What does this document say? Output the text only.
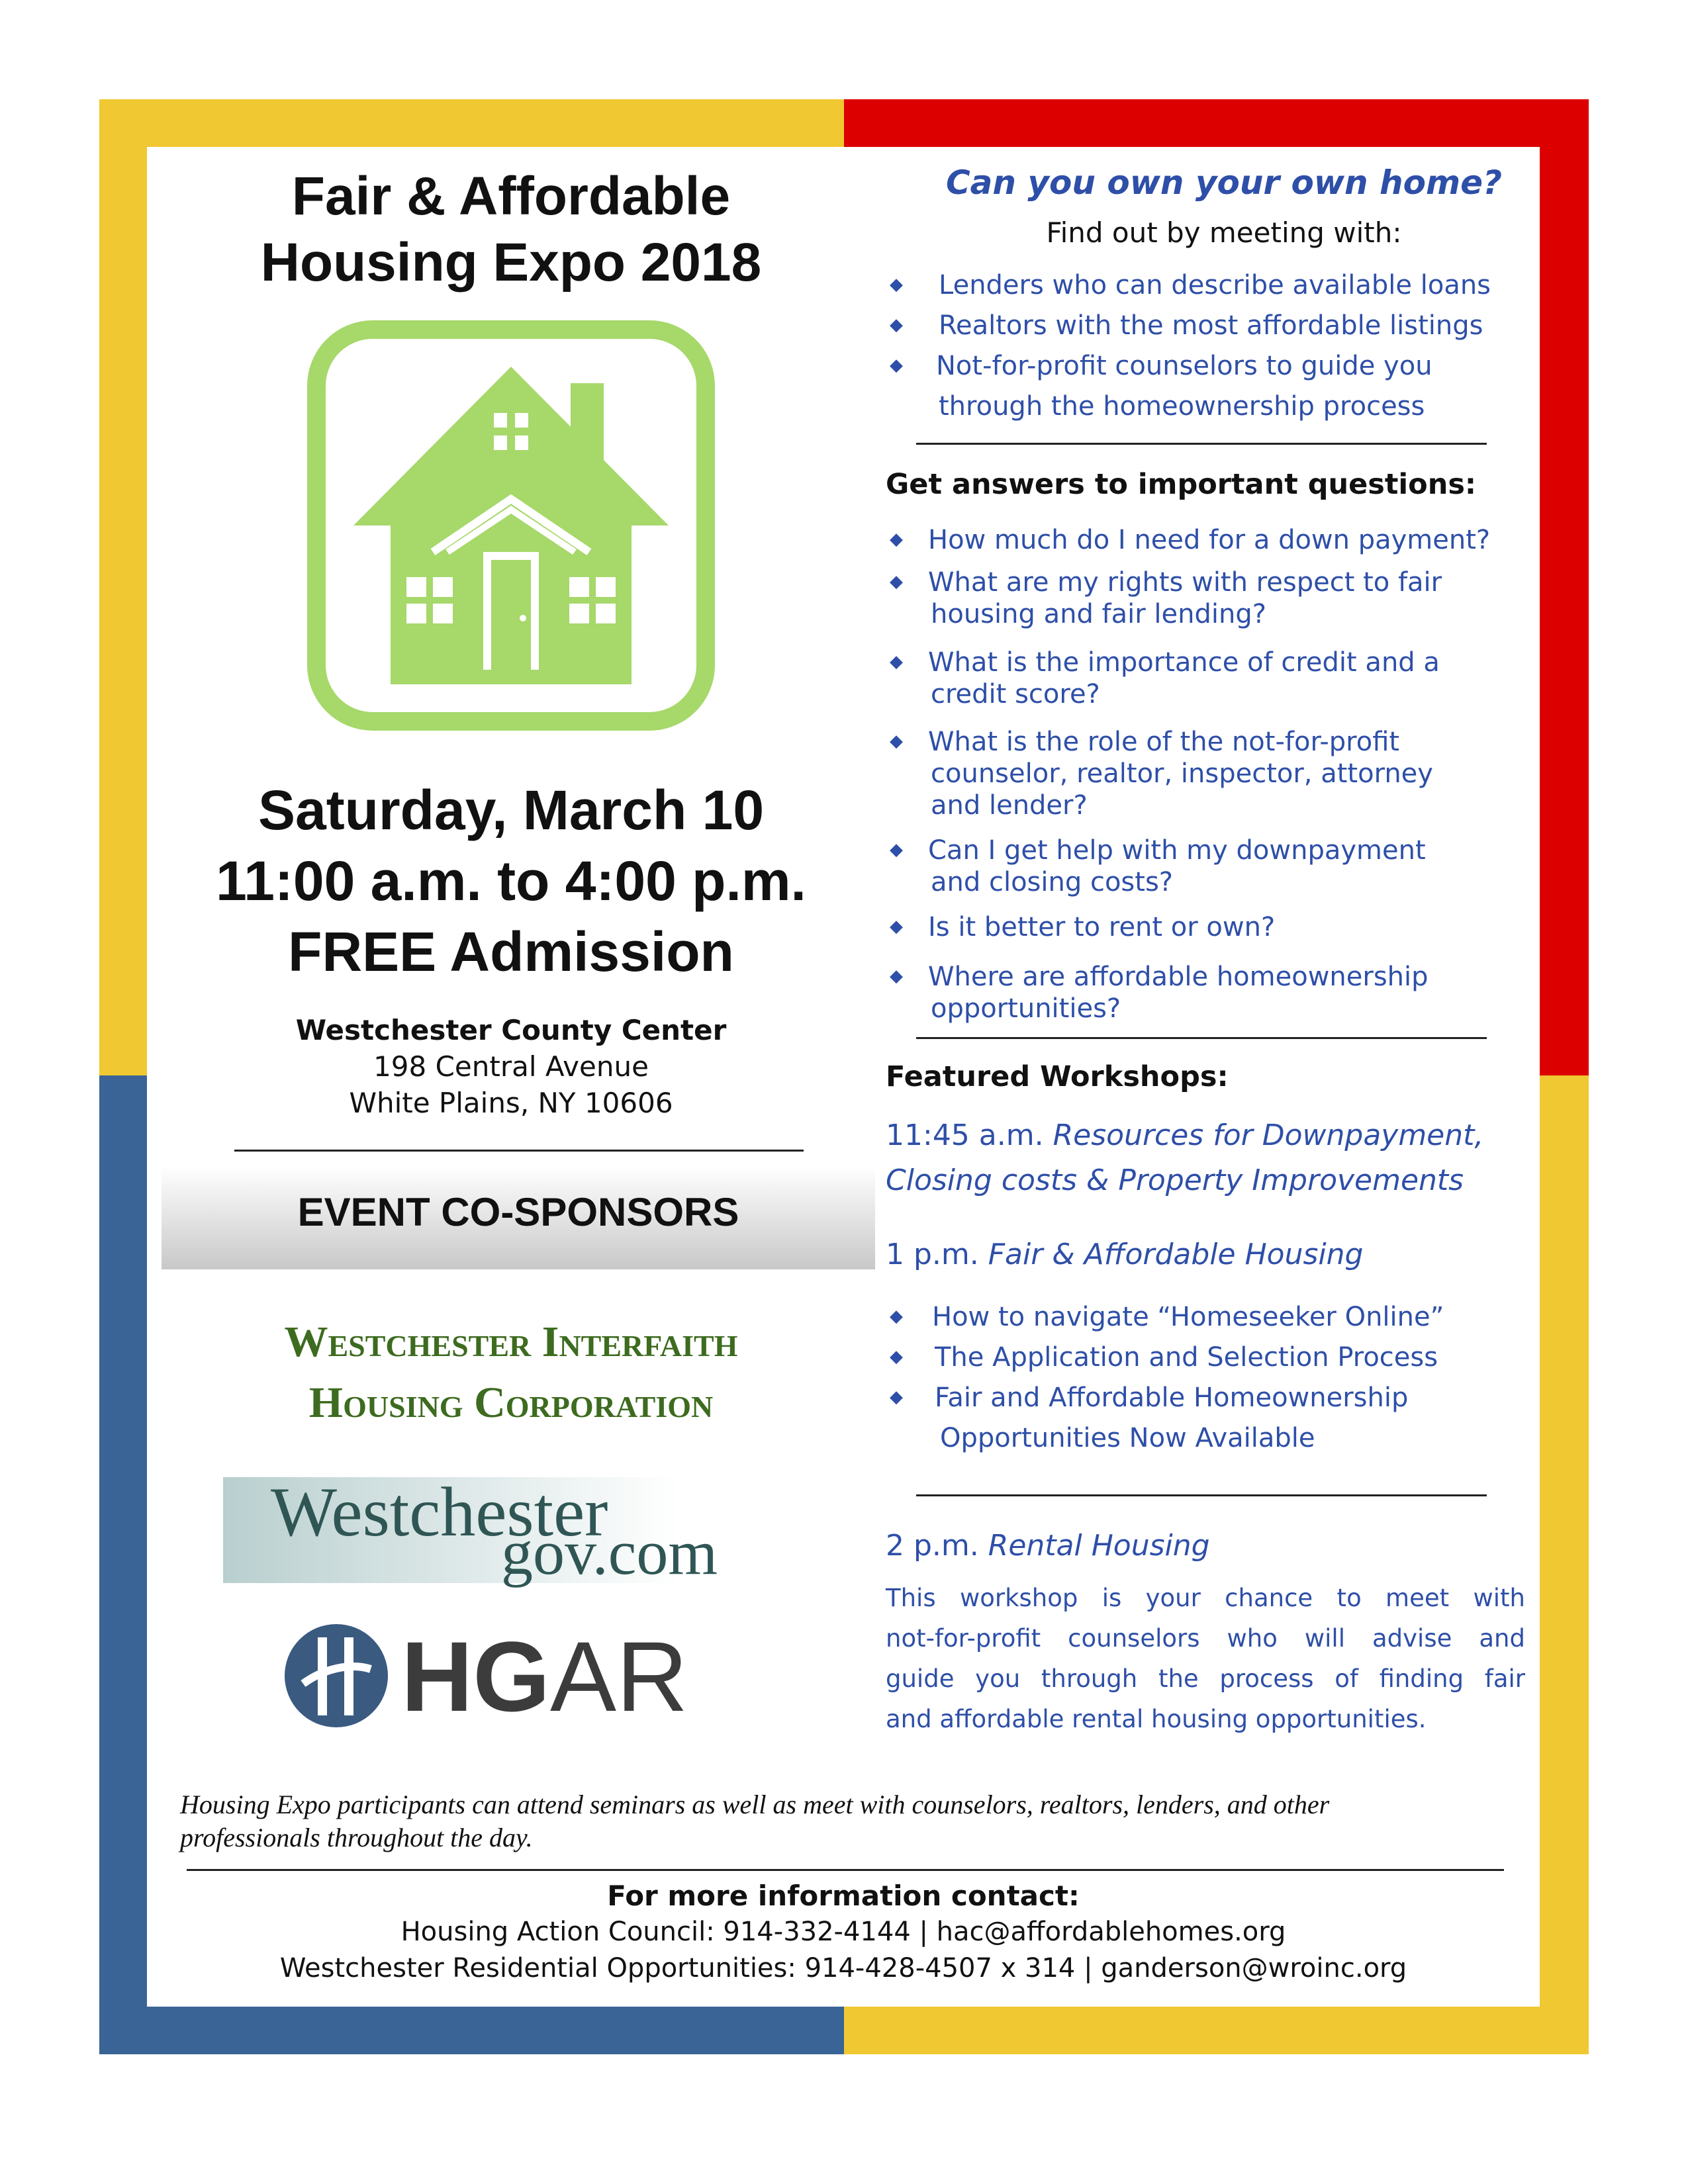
Fair & Affordable
Housing Expo 2018
Saturday, March 10
11:00 a.m. to 4:00 p.m.
FREE Admission
Westchester County Center
198 Central Avenue
White Plains, NY 10606
EVENT CO-SPONSORS
Westchester Interfaith
Housing Corporation
Westchester
gov.com
HGAR
Can you own your own home?
Find out by meeting with:
◆ Lenders who can describe available loans
◆ Realtors with the most affordable listings
◆ Not-for-profit counselors to guide you
through the homeownership process
Get answers to important questions:
◆ How much do I need for a down payment?
◆ What are my rights with respect to fair
housing and fair lending?
◆ What is the importance of credit and a
credit score?
◆ What is the role of the not-for-profit
counselor, realtor, inspector, attorney
and lender?
◆ Can I get help with my downpayment
and closing costs?
◆ Is it better to rent or own?
◆ Where are affordable homeownership
opportunities?
Featured Workshops:
11:45 a.m. Resources for Downpayment,
Closing costs & Property Improvements
1 p.m. Fair & Affordable Housing
◆ How to navigate “Homeseeker Online”
◆ The Application and Selection Process
◆ Fair and Affordable Homeownership
Opportunities Now Available
2 p.m. Rental Housing
This workshop is your chance to meet with
not-for-profit counselors who will advise and
guide you through the process of finding fair
and affordable rental housing opportunities.
Housing Expo participants can attend seminars as well as meet with counselors, realtors, lenders, and other
professionals throughout the day.
For more information contact:
Housing Action Council: 914-332-4144 | hac@affordablehomes.org
Westchester Residential Opportunities: 914-428-4507 x 314 | ganderson@wroinc.org
